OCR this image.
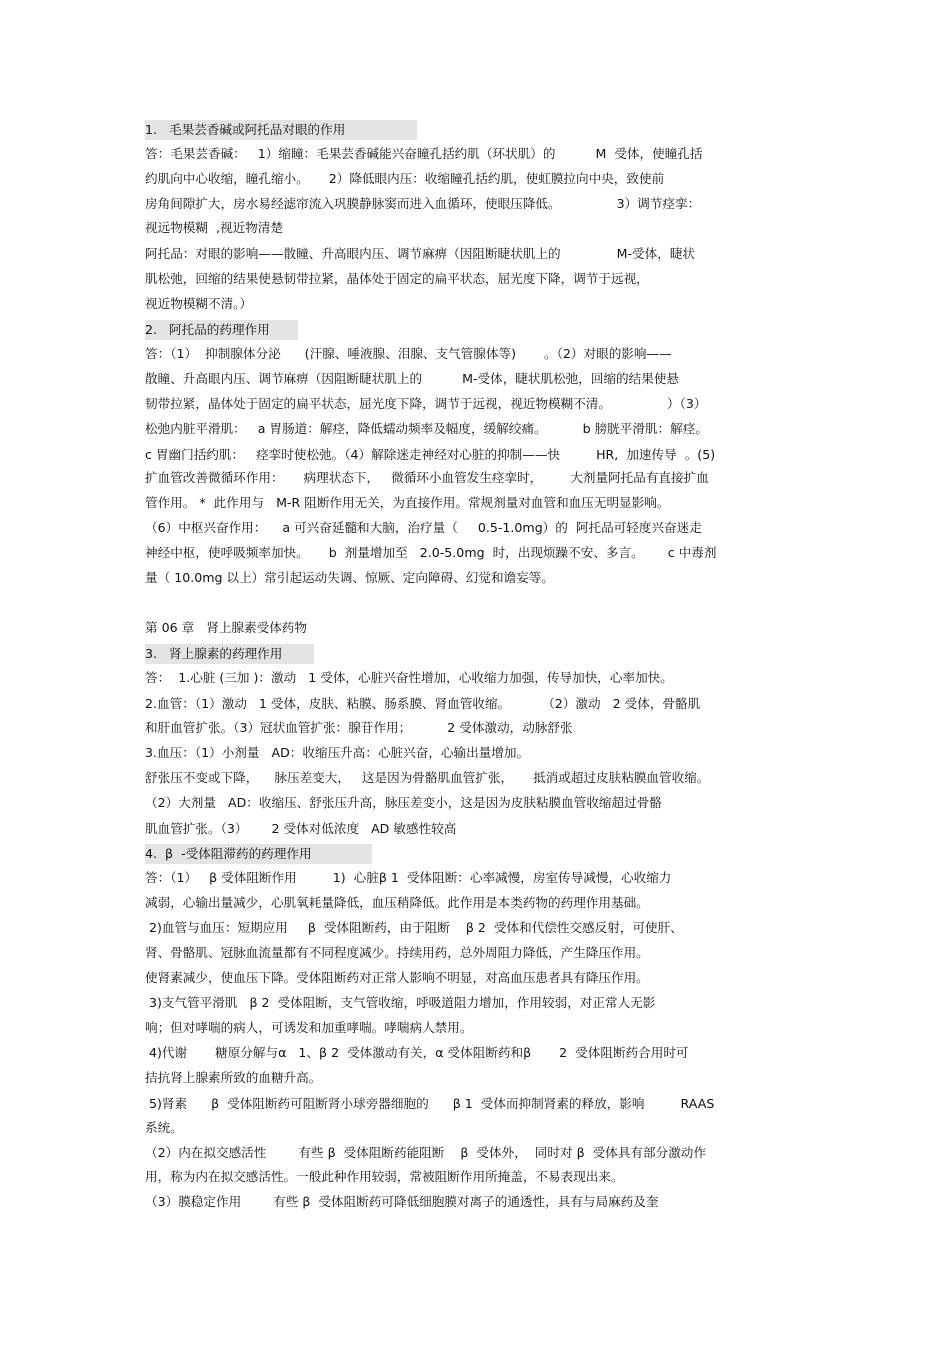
1.   毛果芸香碱或阿托品对眼的作用
答：毛果芸香碱：   1）缩瞳：毛果芸香碱能兴奋瞳孔括约肌（环状肌）的          M  受体，使瞳孔括
约肌向中心收缩，瞳孔缩小。     2）降低眼内压：收缩瞳孔括约肌，使虹膜拉向中央，致使前
房角间隙扩大，房水易经滤帘流入巩膜静脉窦而进入血循环，使眼压降低。              3）调节痉挛：
视远物模糊  ,视近物清楚
阿托品：对眼的影响——散瞳、升高眼内压、调节麻痹（因阻断睫状肌上的              M-受体，睫状
肌松弛，回缩的结果使悬韧带拉紧，晶体处于固定的扁平状态，屈光度下降，调节于远视，
视近物模糊不清。）
2.   阿托品的药理作用
答：（1）  抑制腺体分泌      (汗腺、唾液腺、泪腺、支气管腺体等)       。（2）对眼的影响——
散瞳、升高眼内压、调节麻痹（因阻断睫状肌上的          M-受体，睫状肌松弛，回缩的结果使悬
韧带拉紧，晶体处于固定的扁平状态，屈光度下降，调节于远视，视近物模糊不清。              ）（3）
松弛内脏平滑肌：   a 胃肠道：解痉，降低蠕动频率及幅度，缓解绞痛。         b 膀胱平滑肌：解痉。
c 胃幽门括约肌：   痉挛时使松弛。（4）解除迷走神经对心脏的抑制——快         HR,  加速传导  。(5)
扩血管改善微循环作用：     病理状态下，   微循环小血管发生痉挛时，       大剂量阿托品有直接扩血
管作用。 *  此作用与   M-R 阻断作用无关，为直接作用。常规剂量对血管和血压无明显影响。
（6）中枢兴奋作用：    a 可兴奋延髓和大脑，治疗量（     0.5-1.0mg）的  阿托品可轻度兴奋迷走
神经中枢，使呼吸频率加快。     b  剂量增加至   2.0-5.0mg  时，出现烦躁不安、多言。      c 中毒剂
量（ 10.0mg 以上）常引起运动失调、惊厥、定向障碍、幻觉和谵妄等。
第 06 章   肾上腺素受体药物
3.   肾上腺素的药理作用
答：  1.心脏 (三加 )：激动   1 受体，心脏兴奋性增加，心收缩力加强，传导加快，心率加快。
2.血管：（1）激动   1 受体，皮肤、粘膜、肠系膜、肾血管收缩。        （2）激动   2 受体，骨骼肌
和肝血管扩张。（3）冠状血管扩张：腺苷作用；         2 受体激动，动脉舒张
3.血压：（1）小剂量   AD：收缩压升高：心脏兴奋，心输出量增加。
舒张压不变或下降，    脉压差变大，   这是因为骨骼肌血管扩张，     抵消或超过皮肤粘膜血管收缩。
（2）大剂量   AD：收缩压、舒张压升高，脉压差变小，这是因为皮肤粘膜血管收缩超过骨骼
肌血管扩张。（3）      2 受体对低浓度   AD 敏感性较高
4.  β  -受体阻滞药的药理作用
答：（1）   β 受体阻断作用         1)  心脏β 1  受体阻断：心率减慢，房室传导减慢，心收缩力
减弱，心输出量减少，心肌氧耗量降低，血压稍降低。此作用是本类药物的药理作用基础。
2)血管与血压：短期应用     β  受体阻断药，由于阻断    β 2  受体和代偿性交感反射，可使肝、
肾、骨骼肌、冠脉血流量都有不同程度减少。持续用药，总外周阻力降低，产生降压作用。
使肾素减少，使血压下降。受体阻断药对正常人影响不明显，对高血压患者具有降压作用。
3)支气管平滑肌   β 2  受体阻断，支气管收缩，呼吸道阻力增加，作用较弱，对正常人无影
响；但对哮喘的病人，可诱发和加重哮喘。哮喘病人禁用。
4)代谢       糖原分解与α   1、β 2  受体激动有关，α 受体阻断药和β       2  受体阻断药合用时可
拮抗肾上腺素所致的血糖升高。
5)肾素      β  受体阻断药可阻断肾小球旁器细胞的      β 1  受体而抑制肾素的释放，影响         RAAS
系统。
（2）内在拟交感活性        有些 β  受体阻断药能阻断    β  受体外，  同时对 β  受体具有部分激动作
用，称为内在拟交感活性。一般此种作用较弱，常被阻断作用所掩盖，不易表现出来。
（3）膜稳定作用        有些 β  受体阻断药可降低细胞膜对离子的通透性，具有与局麻药及奎
